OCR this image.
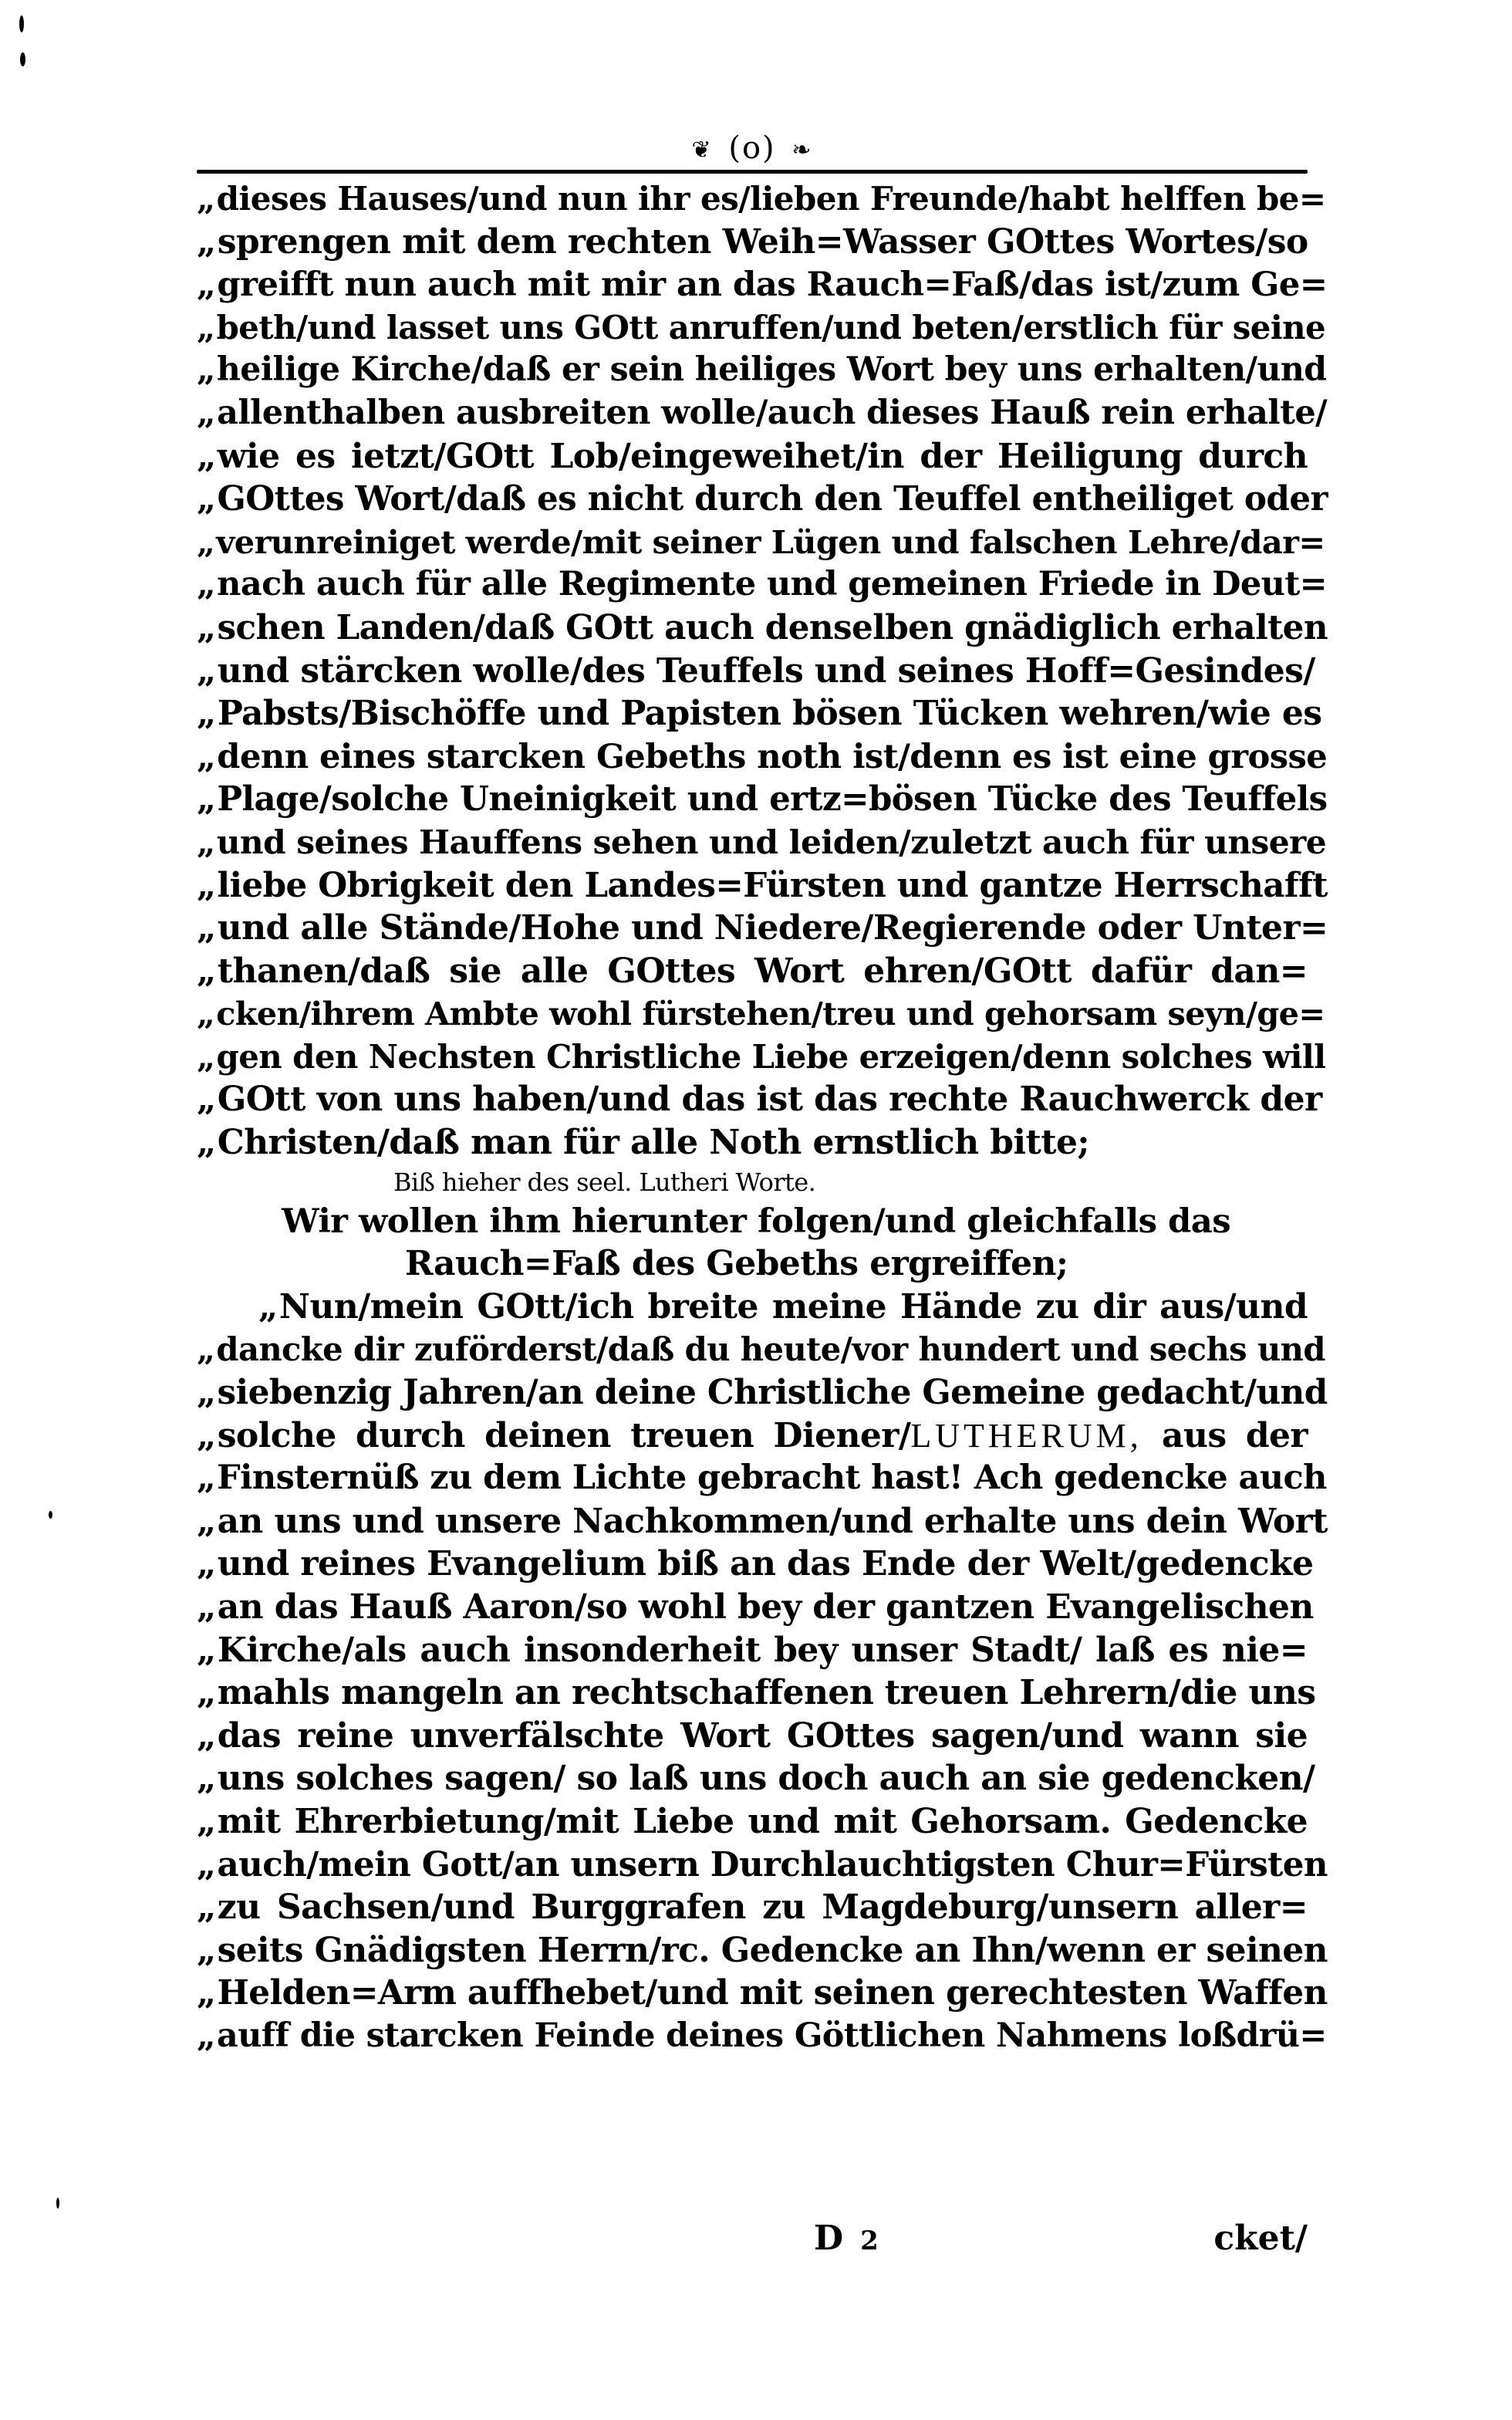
❦ (o) ❧
„ dieses Hauses/und nun ihr es/lieben Freunde/habt helffen be=
„ sprengen mit dem rechten Weih=Wasser GOttes Wortes/so
„ greifft nun auch mit mir an das Rauch=Faß/das ist/zum Ge=
„ beth/und lasset uns GOtt anruffen/und beten/erstlich für seine
„ heilige Kirche/daß er sein heiliges Wort bey uns erhalten/und
„ allenthalben ausbreiten wolle/auch dieses Hauß rein erhalte/
„ wie es ietzt/GOtt Lob/eingeweihet/in der Heiligung durch
„ GOttes Wort/daß es nicht durch den Teuffel entheiliget oder
„ verunreiniget werde/mit seiner Lügen und falschen Lehre/dar=
„ nach auch für alle Regimente und gemeinen Friede in Deut=
„ schen Landen/daß GOtt auch denselben gnädiglich erhalten
„ und stärcken wolle/des Teuffels und seines Hoff=Gesindes/
„ Pabsts/Bischöffe und Papisten bösen Tücken wehren/wie es
„ denn eines starcken Gebeths noth ist/denn es ist eine grosse
„ Plage/solche Uneinigkeit und ertz=bösen Tücke des Teuffels
„ und seines Hauffens sehen und leiden/zuletzt auch für unsere
„ liebe Obrigkeit den Landes=Fürsten und gantze Herrschafft
„ und alle Stände/Hohe und Niedere/Regierende oder Unter=
„ thanen/daß sie alle GOttes Wort ehren/GOtt dafür dan=
„ cken/ihrem Ambte wohl fürstehen/treu und gehorsam seyn/ge=
„ gen den Nechsten Christliche Liebe erzeigen/denn solches will
„ GOtt von uns haben/und das ist das rechte Rauchwerck der
„ Christen/daß man für alle Noth ernstlich bitte;
Biß hieher des seel. Lutheri Worte.
Wir wollen ihm hierunter folgen/und gleichfalls das
Rauch=Faß des Gebeths ergreiffen;
„ Nun/mein GOtt/ich breite meine Hände zu dir aus/und
„ dancke dir zuförderst/daß du heute/vor hundert und sechs und
„ siebenzig Jahren/an deine Christliche Gemeine gedacht/und
„ solche durch deinen treuen Diener/LUTHERUM, aus der
„ Finsternüß zu dem Lichte gebracht hast! Ach gedencke auch
„ an uns und unsere Nachkommen/und erhalte uns dein Wort
„ und reines Evangelium biß an das Ende der Welt/gedencke
„ an das Hauß Aaron/so wohl bey der gantzen Evangelischen
„ Kirche/als auch insonderheit bey unser Stadt/ laß es nie=
„ mahls mangeln an rechtschaffenen treuen Lehrern/die uns
„ das reine unverfälschte Wort GOttes sagen/und wann sie
„ uns solches sagen/ so laß uns doch auch an sie gedencken/
„ mit Ehrerbietung/mit Liebe und mit Gehorsam. Gedencke
„ auch/mein Gott/an unsern Durchlauchtigsten Chur=Fürsten
„ zu Sachsen/und Burggrafen zu Magdeburg/unsern aller=
„ seits Gnädigsten Herrn/rc. Gedencke an Ihn/wenn er seinen
„ Helden=Arm auffhebet/und mit seinen gerechtesten Waffen
„ auff die starcken Feinde deines Göttlichen Nahmens loßdrü=
D 2	cket/
